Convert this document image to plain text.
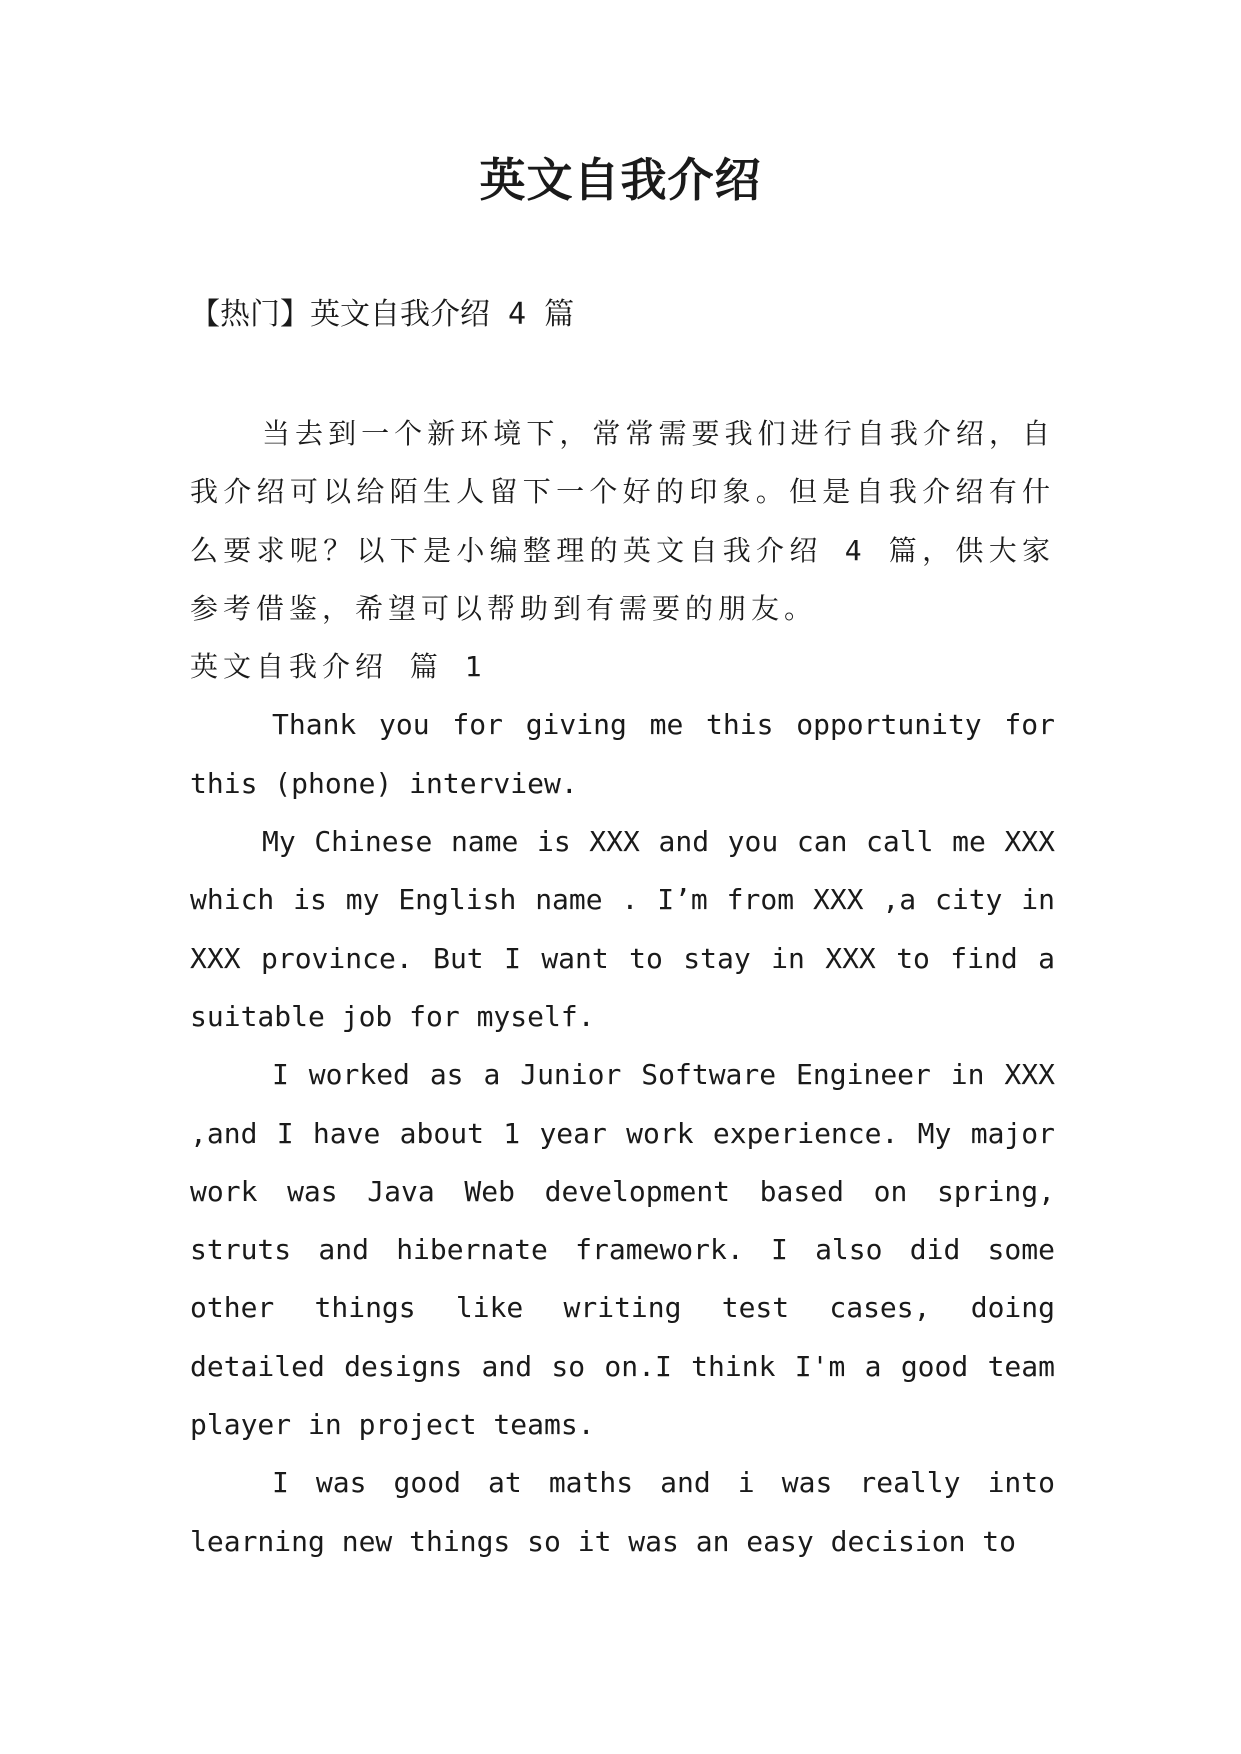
英文自我介绍

【热门】英文自我介绍 4 篇

当去到一个新环境下，常常需要我们进行自我介绍，自我介绍可以给陌生人留下一个好的印象。但是自我介绍有什么要求呢？以下是小编整理的英文自我介绍 4 篇，供大家参考借鉴，希望可以帮助到有需要的朋友。

英文自我介绍 篇 1

Thank you for giving me this opportunity for this (phone) interview.

My Chinese name is XXX and you can call me XXX which is my English name . I’m from XXX ,a city in XXX province. But I want to stay in XXX to find a suitable job for myself.

I worked as a Junior Software Engineer in XXX ,and I have about 1 year work experience. My major work was Java Web development based on spring, struts and hibernate framework. I also did some other things like writing test cases, doing detailed designs and so on.I think I'm a good team player in project teams.

I was good at maths and i was really into learning new things so it was an easy decision to
